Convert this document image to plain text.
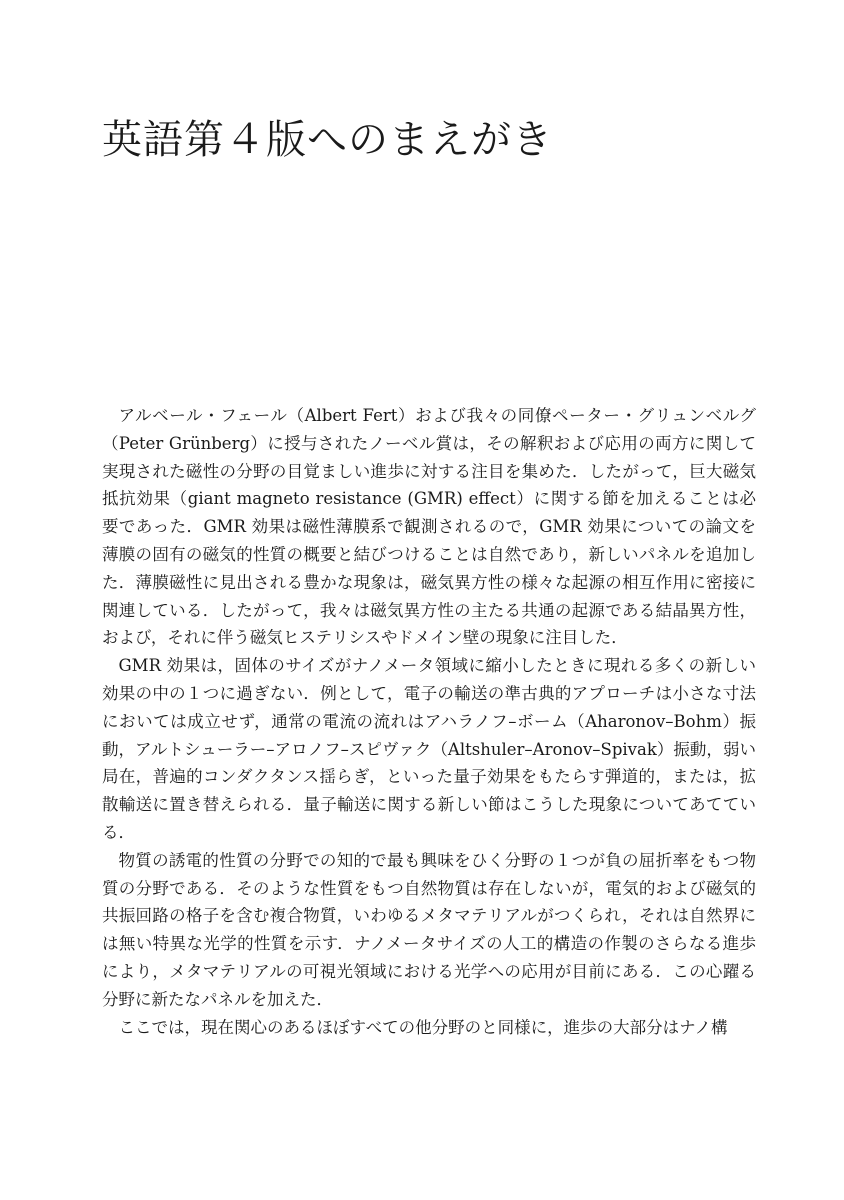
英語第４版へのまえがき

アルベール・フェール（Albert Fert）および我々の同僚ペーター・グリュンベルグ（Peter Grünberg）に授与されたノーベル賞は，その解釈および応用の両方に関して実現された磁性の分野の目覚ましい進歩に対する注目を集めた．したがって，巨大磁気抵抗効果（giant magneto resistance (GMR) effect）に関する節を加えることは必要であった．GMR 効果は磁性薄膜系で観測されるので，GMR 効果についての論文を薄膜の固有の磁気的性質の概要と結びつけることは自然であり，新しいパネルを追加した．薄膜磁性に見出される豊かな現象は，磁気異方性の様々な起源の相互作用に密接に関連している．したがって，我々は磁気異方性の主たる共通の起源である結晶異方性，および，それに伴う磁気ヒステリシスやドメイン壁の現象に注目した．

GMR 効果は，固体のサイズがナノメータ領域に縮小したときに現れる多くの新しい効果の中の１つに過ぎない．例として，電子の輸送の準古典的アプローチは小さな寸法においては成立せず，通常の電流の流れはアハラノフ–ボーム（Aharonov–Bohm）振動，アルトシューラー–アロノフ–スピヴァク（Altshuler–Aronov–Spivak）振動，弱い局在，普遍的コンダクタンス揺らぎ，といった量子効果をもたらす弾道的，または，拡散輸送に置き替えられる．量子輸送に関する新しい節はこうした現象についてあてている．

物質の誘電的性質の分野での知的で最も興味をひく分野の１つが負の屈折率をもつ物質の分野である．そのような性質をもつ自然物質は存在しないが，電気的および磁気的共振回路の格子を含む複合物質，いわゆるメタマテリアルがつくられ，それは自然界には無い特異な光学的性質を示す．ナノメータサイズの人工的構造の作製のさらなる進歩により，メタマテリアルの可視光領域における光学への応用が目前にある．この心躍る分野に新たなパネルを加えた．

ここでは，現在関心のあるほぼすべての他分野のと同様に，進歩の大部分はナノ構
